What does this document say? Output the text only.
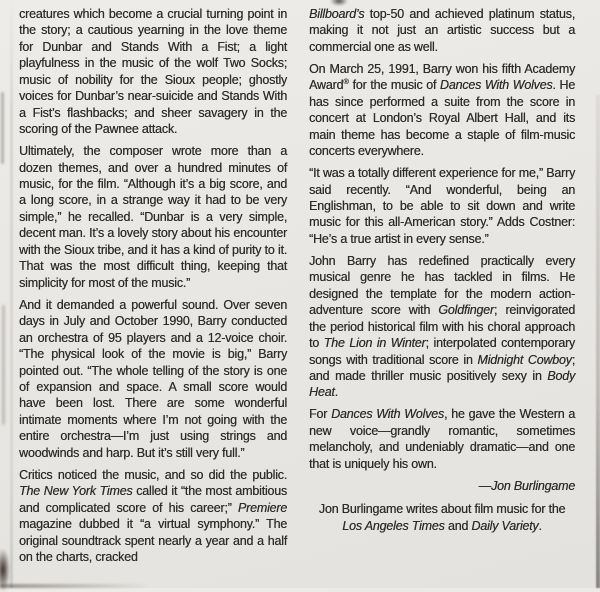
creatures which become a crucial turning point in the story; a cautious yearning in the love theme for Dunbar and Stands With a Fist; a light playfulness in the music of the wolf Two Socks; music of nobility for the Sioux people; ghostly voices for Dunbar’s near-suicide and Stands With a Fist’s flashbacks; and sheer savagery in the scoring of the Pawnee attack.

Ultimately, the composer wrote more than a dozen themes, and over a hundred minutes of music, for the film. “Although it’s a big score, and a long score, in a strange way it had to be very simple,” he recalled. “Dunbar is a very simple, decent man. It’s a lovely story about his encounter with the Sioux tribe, and it has a kind of purity to it. That was the most difficult thing, keeping that simplicity for most of the music.”

And it demanded a powerful sound. Over seven days in July and October 1990, Barry conducted an orchestra of 95 players and a 12-voice choir. “The physical look of the movie is big,” Barry pointed out. “The whole telling of the story is one of expansion and space. A small score would have been lost. There are some wonderful intimate moments where I’m not going with the entire orchestra—I’m just using strings and woodwinds and harp. But it’s still very full.”

Critics noticed the music, and so did the public. The New York Times called it “the most ambitious and complicated score of his career;” Premiere magazine dubbed it “a virtual symphony.” The original soundtrack spent nearly a year and a half on the charts, cracked

Billboard’s top-50 and achieved platinum status, making it not just an artistic success but a commercial one as well.

On March 25, 1991, Barry won his fifth Academy Award® for the music of Dances With Wolves. He has since performed a suite from the score in concert at London’s Royal Albert Hall, and its main theme has become a staple of film-music concerts everywhere.

“It was a totally different experience for me,” Barry said recently. “And wonderful, being an Englishman, to be able to sit down and write music for this all-American story.” Adds Costner: “He’s a true artist in every sense.”

John Barry has redefined practically every musical genre he has tackled in films. He designed the template for the modern action-adventure score with Goldfinger; reinvigorated the period historical film with his choral approach to The Lion in Winter; interpolated contemporary songs with traditional score in Midnight Cowboy; and made thriller music positively sexy in Body Heat.

For Dances With Wolves, he gave the Western a new voice—grandly romantic, sometimes melancholy, and undeniably dramatic—and one that is uniquely his own.

—Jon Burlingame

Jon Burlingame writes about film music for the Los Angeles Times and Daily Variety.
